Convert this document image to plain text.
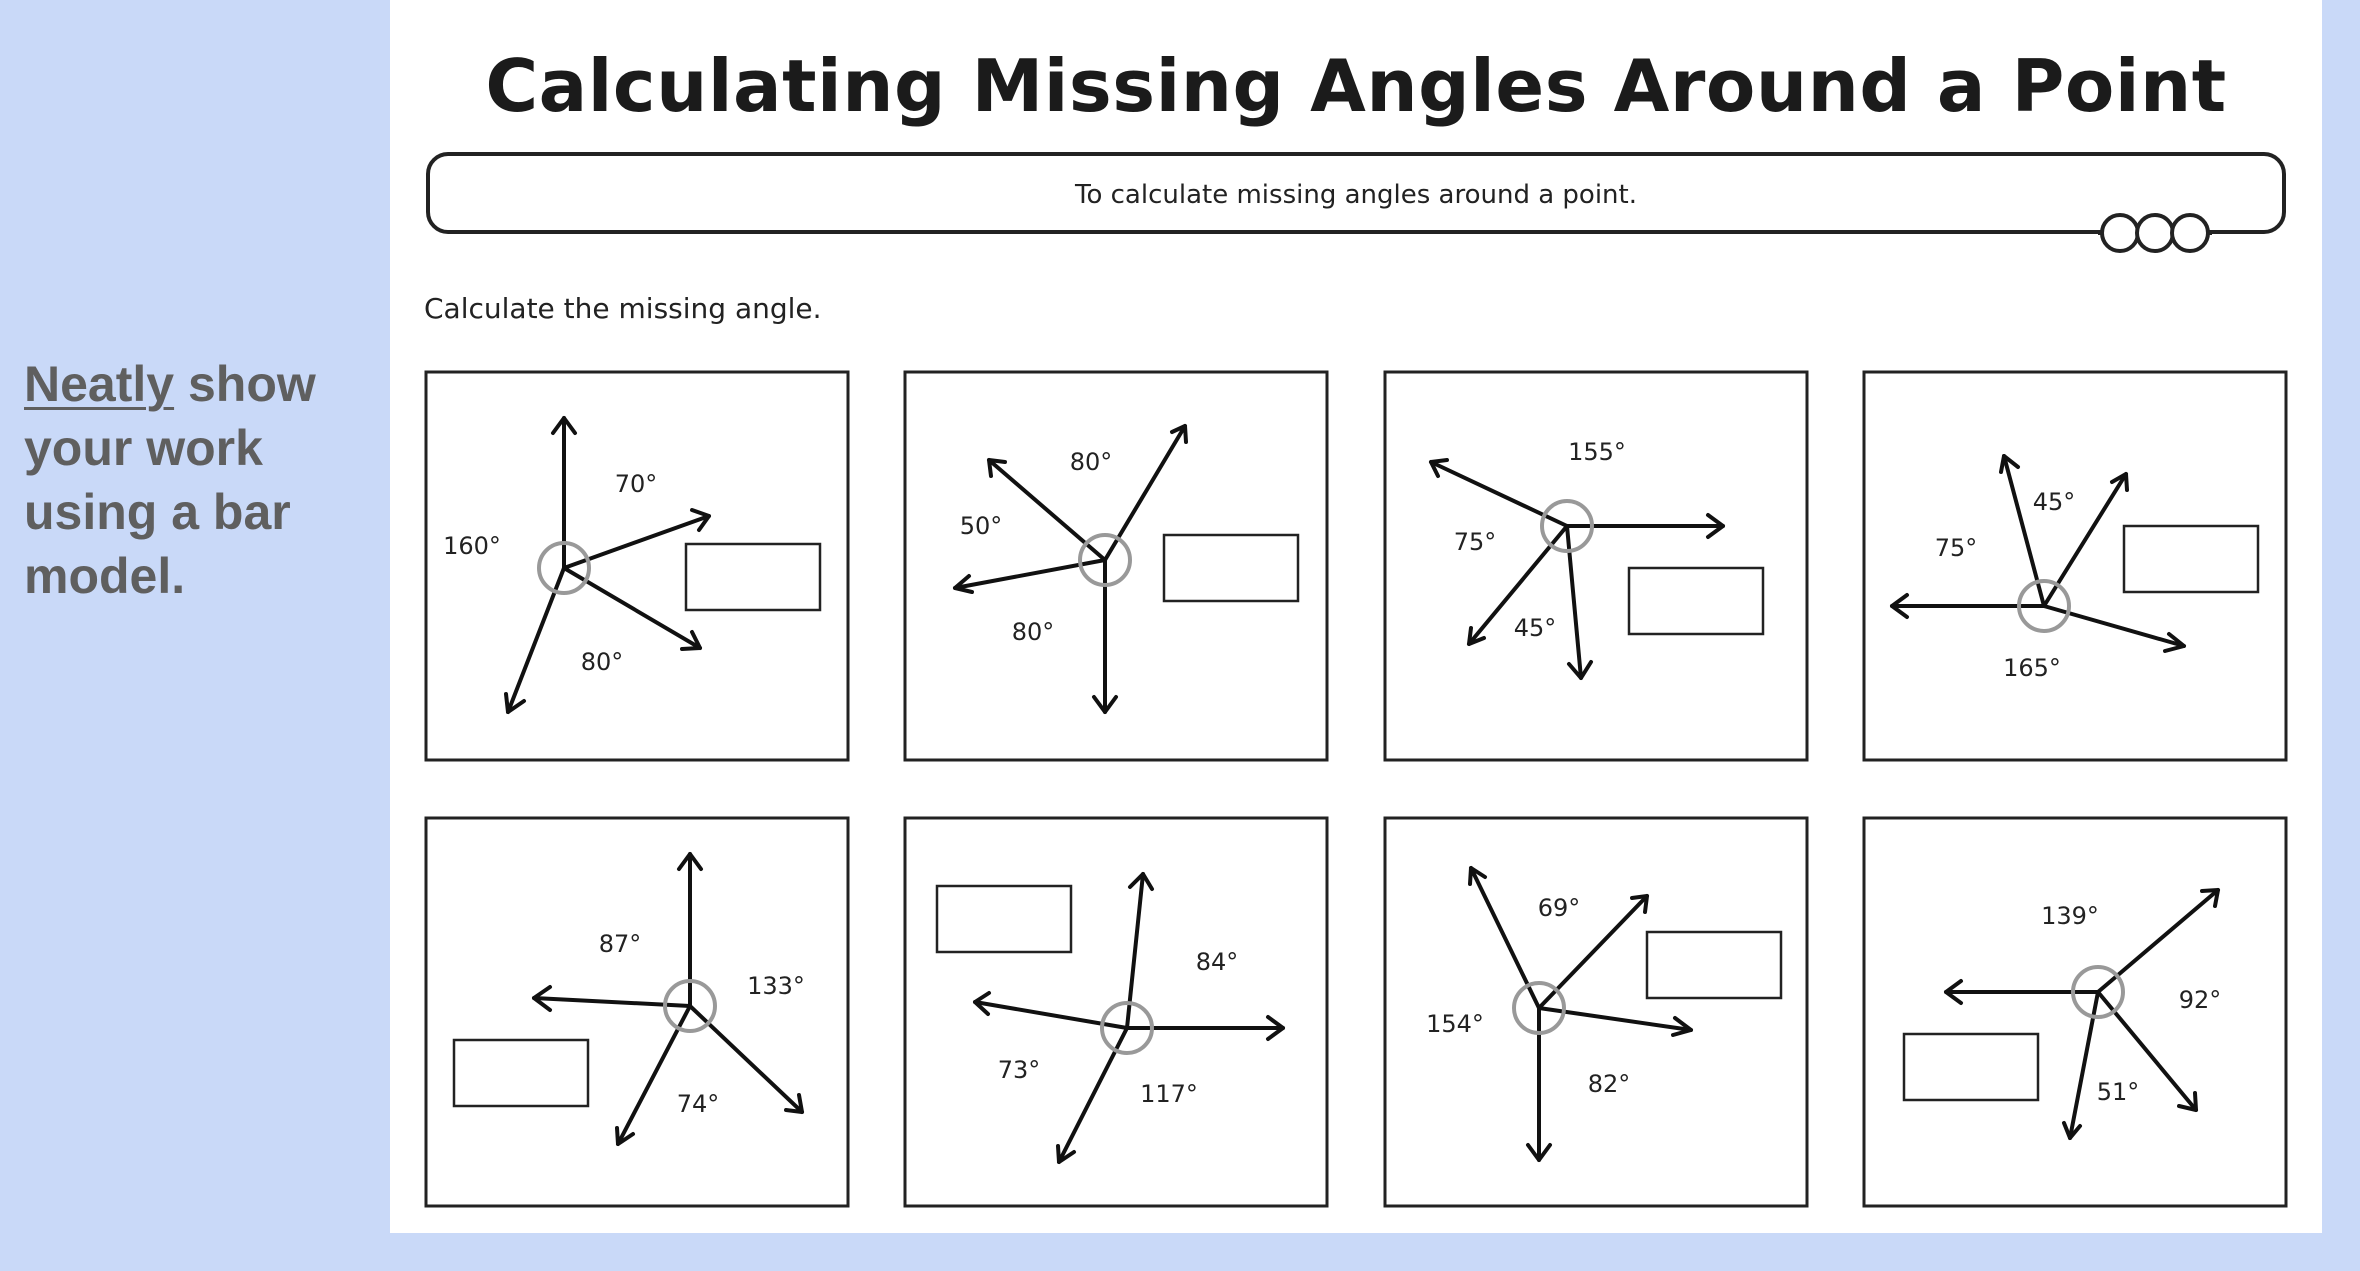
Neatly show your work using a bar model.

Calculating Missing Angles Around a Point
To calculate missing angles around a point.

Calculate the missing angle.

70°
160°
80°
80°
50°
80°
155°
75°
45°
45°
75°
165°
87°
133°
74°
84°
73°
117°
69°
154°
82°
139°
92°
51°
